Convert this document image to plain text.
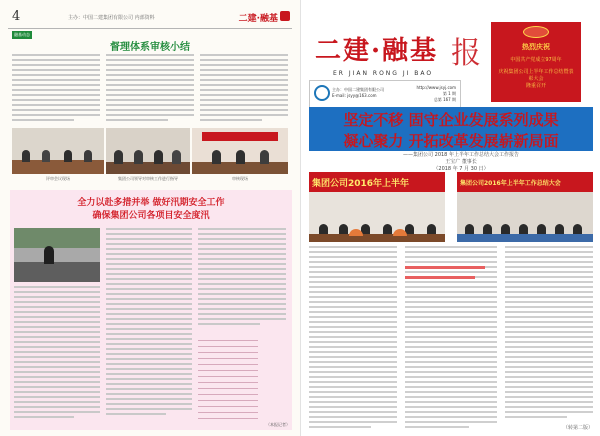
4	主办：中国二建集团有限公司 内部资料	二建·融基
融基动态
督理体系审核小结
评审会议现场	集团公司领导对审核工作进行指导	审核现场
全力以赴多措并举 做好汛期安全工作
确保集团公司各项目安全度汛
（本报记者）
二建·融基 报
ER JIAN RONG JI BAO
主办：中国二建集团有限公司
E-mail: jsyy@163.com
http://www.jsyj.com
第 1 期
总第 167 期
热烈庆祝
中国共产党成立97周年
庆祝集团公司上半年工作总结暨表彰大会
隆重召开
坚定不移 固守企业发展系列成果
凝心聚力 开拓改革发展崭新局面
——集团公司 2018 年上半年工作总结大会工作报告
王宝广 董事长
（2018 年 7 月 30 日）
集团公司2016年上半年	集团公司2016年上半年工作总结大会
（转第二版）
